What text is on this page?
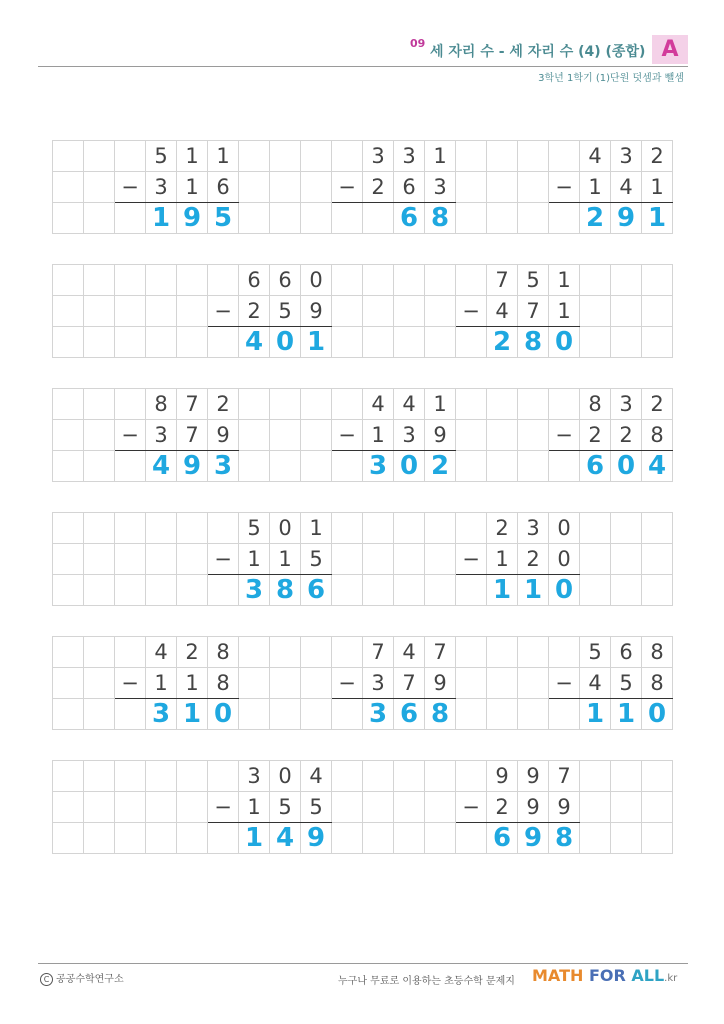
09
세 자리 수 - 세 자리 수 (4) (종합) A
3학년 1학기 (1)단원 덧셈과 뺄셈
			5	1	1					3	3	1					4	3	2
		−	3	1	6				−	2	6	3				−	1	4	1
			1	9	5						6	8					2	9	1
						6	6	0						7	5	1			
					−	2	5	9					−	4	7	1			
						4	0	1						2	8	0			
			8	7	2					4	4	1					8	3	2
		−	3	7	9				−	1	3	9				−	2	2	8
			4	9	3					3	0	2					6	0	4
						5	0	1						2	3	0			
					−	1	1	5					−	1	2	0			
						3	8	6						1	1	0			
			4	2	8					7	4	7					5	6	8
		−	1	1	8				−	3	7	9				−	4	5	8
			3	1	0					3	6	8					1	1	0
						3	0	4						9	9	7			
					−	1	5	5					−	2	9	9			
						1	4	9						6	9	8			
C 공공수학연구소	누구나 무료로 이용하는 초등수학 문제지 MATH FOR ALL.kr
